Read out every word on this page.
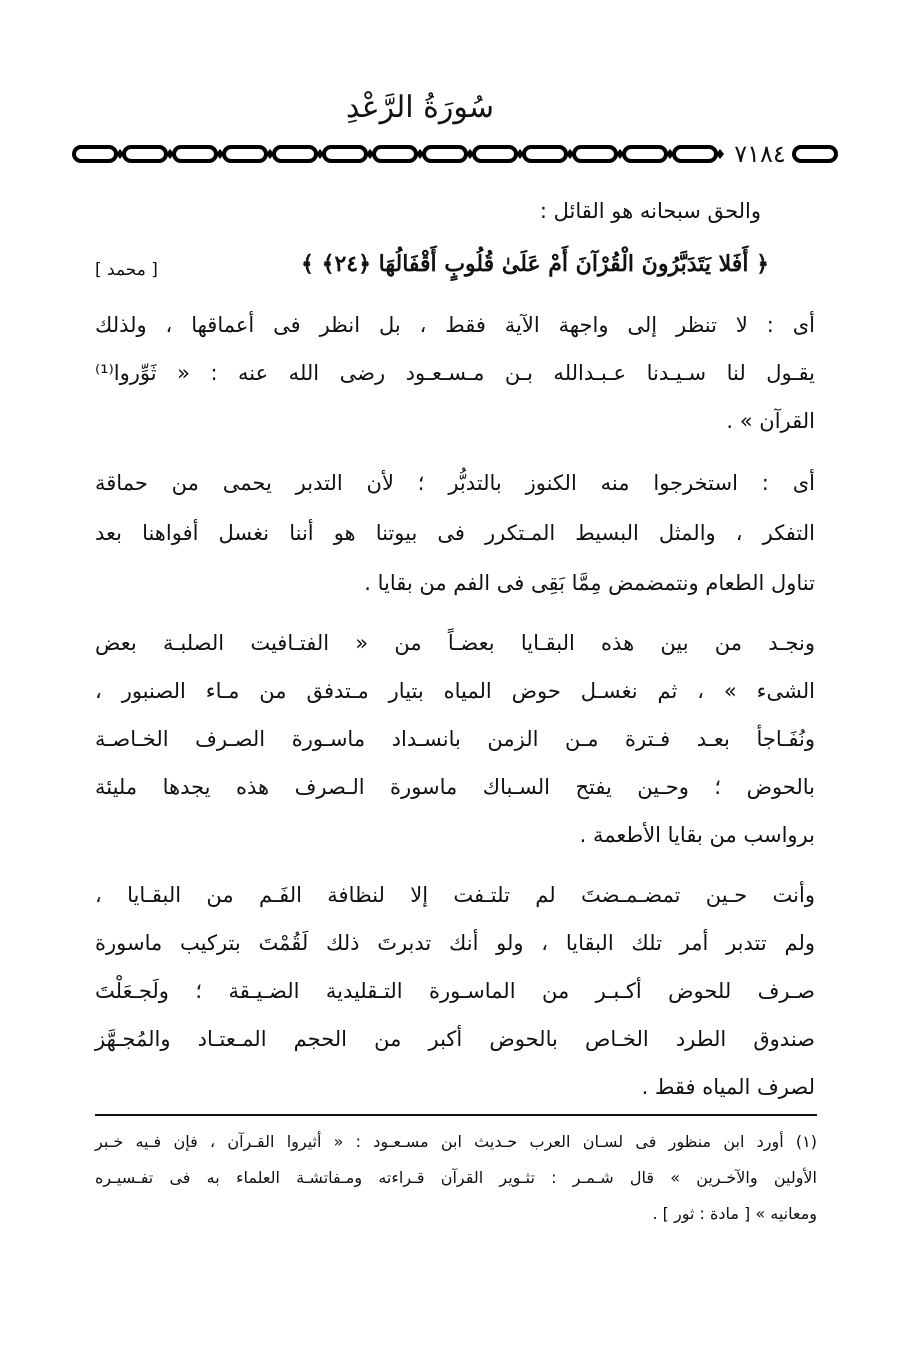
سُورَةُ الرَّعْدِ
٧١٨٤
والحق سبحانه هو القائل :
﴿ أَفَلا يَتَدَبَّرُونَ الْقُرْآنَ أَمْ عَلَىٰ قُلُوبٍ أَقْفَالُهَا ﴿٢٤﴾ ﴾
[ محمد ]
أى : لا تنظر إلى واجهة الآية فقط ، بل انظر فى أعماقها ، ولذلك
يقـول لنا سـيـدنا عـبـدالله بـن مـسـعـود رضى الله عنه : « ثَوِّروا⁽¹⁾
القرآن » .
أى : استخرجوا منه الكنوز بالتدبُّر ؛ لأن التدبر يحمى من حماقة
التفكر ، والمثل البسيط المـتكرر فى بيوتنا هو أننا نغسل أفواهنا بعد
تناول الطعام ونتمضمض مِمَّا بَقِى فى الفم من بقايا .
ونجـد من بين هذه البقـايا بعضـاً من « الفتـافيت الصلبـة بعض
الشىء » ، ثم نغسـل حوض المياه بتيار مـتدفق من مـاء الصنبور ،
ونُفَـاجأ بعـد فـترة مـن الزمن بانسـداد ماسـورة الصـرف الخـاصـة
بالحوض ؛ وحـين يفتح السـباك ماسورة الـصرف هذه يجدها مليئة
برواسب من بقايا الأطعمة .
وأنت حـين تمضـمـضتَ لم تلتـفت إلا لنظافة الفَـم من البقـايا ،
ولم تتدبر أمر تلك البقايا ، ولو أنك تدبرتَ ذلك لَقُمْتَ بتركيب ماسورة
صـرف للحوض أكـبـر من الماسـورة التـقليدية الضـيـقة ؛ ولَجـعَلْتَ
صندوق الطرد الخـاص بالحوض أكبر من الحجم المـعتـاد والمُجـهَّز
لصرف المياه فقط .
(١) أورد ابن منظور فى لسـان العرب حـديث ابن مسـعـود : « أثيروا القـرآن ، فإن فـيه خـبر
الأولين والآخـرين » قال شـمـر : تثـوير القرآن قـراءته ومـفاتشـة العلماء به فى تفـسيـره
ومعانيه » [ مادة : ثور ] .
